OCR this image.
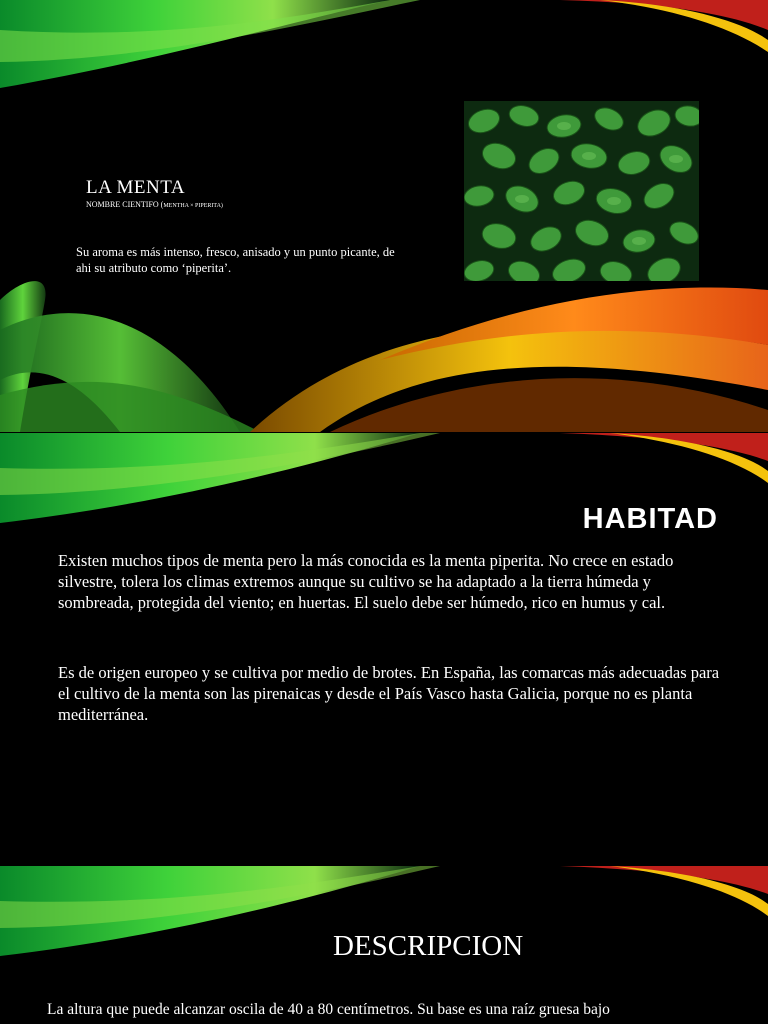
LA MENTA
NOMBRE CIENTIFO (MENTHA × PIPERITA)
Su aroma es más intenso, fresco, anisado y un punto picante, de ahi su atributo como ‘piperita’.
HABITAD
Existen muchos tipos de menta pero la más conocida es la menta piperita. No crece en estado silvestre, tolera los climas extremos aunque su cultivo se ha adaptado a la tierra húmeda y sombreada, protegida del viento; en huertas. El suelo debe ser húmedo, rico en humus y cal.
Es de origen europeo y se cultiva por medio de brotes. En España, las comarcas más adecuadas para el cultivo de la menta son las pirenaicas y desde el País Vasco hasta Galicia, porque no es planta mediterránea.
DESCRIPCION
La altura que puede alcanzar oscila de 40 a 80 centímetros. Su base es una raíz gruesa bajo
